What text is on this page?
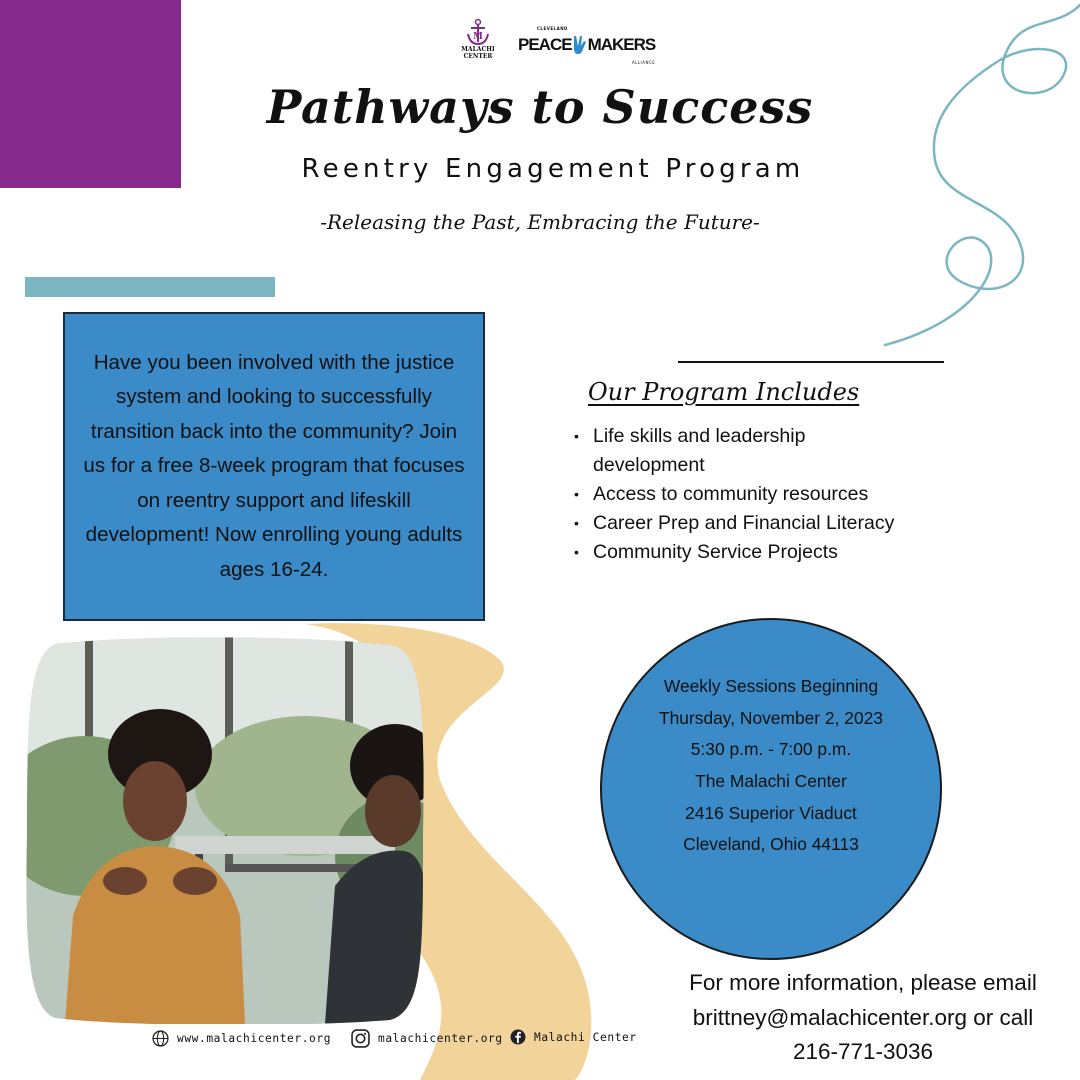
M
MALACHI CENTER
CLEVELAND
PEACE MAKERS
ALLIANCE
Pathways to Success
Reentry Engagement Program
-Releasing the Past, Embracing the Future-
Have you been involved with the justice system and looking to successfully transition back into the community? Join us for a free 8-week program that focuses on reentry support and lifeskill development! Now enrolling young adults ages 16-24.
Our Program Includes
• Life skills and leadership development
• Access to community resources
• Career Prep and Financial Literacy
• Community Service Projects
Weekly Sessions Beginning
Thursday, November 2, 2023
5:30 p.m. - 7:00 p.m.
The Malachi Center
2416 Superior Viaduct
Cleveland, Ohio 44113
For more information, please email
brittney@malachicenter.org or call
216-771-3036
www.malachicenter.org	malachicenter.org	Malachi Center
